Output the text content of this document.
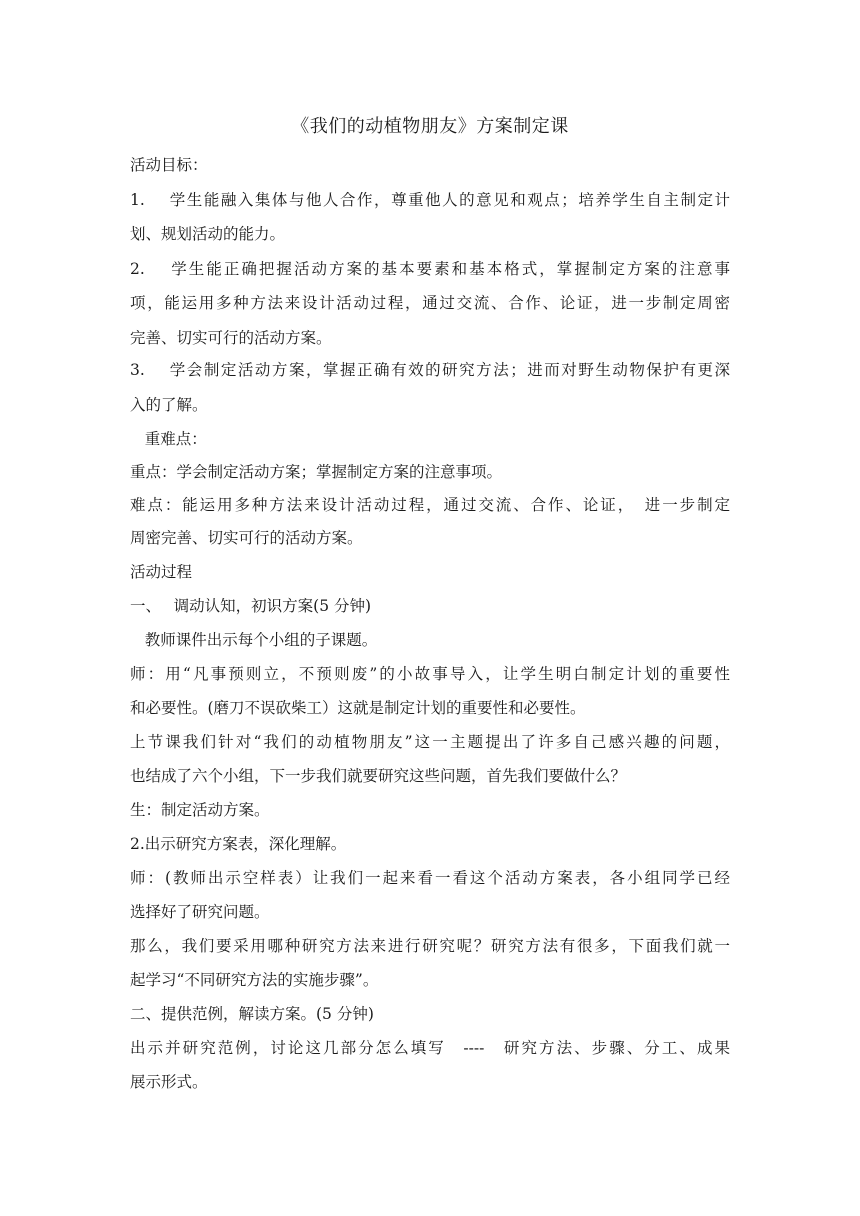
《我们的动植物朋友》方案制定课
活动目标：
1.　 学生能融入集体与他人合作，尊重他人的意见和观点；培养学生自主制定计
划、规划活动的能力。
2.　 学生能正确把握活动方案的基本要素和基本格式，掌握制定方案的注意事
项，能运用多种方法来设计活动过程，通过交流、合作、论证，进一步制定周密
完善、切实可行的活动方案。
3.　 学会制定活动方案，掌握正确有效的研究方法；进而对野生动物保护有更深
入的了解。
重难点：
重点：学会制定活动方案；掌握制定方案的注意事项。
难点：能运用多种方法来设计活动过程，通过交流、合作、论证，　进一步制定
周密完善、切实可行的活动方案。
活动过程
一、　 调动认知，初识方案(5 分钟)
教师课件出示每个小组的子课题。
师：用“凡事预则立，不预则废”的小故事导入，让学生明白制定计划的重要性
和必要性。(磨刀不误砍柴工）这就是制定计划的重要性和必要性。
上节课我们针对“我们的动植物朋友”这一主题提出了许多自己感兴趣的问题，
也结成了六个小组，下一步我们就要研究这些问题，首先我们要做什么？
生：制定活动方案。
2.出示研究方案表，深化理解。
师：(教师出示空样表）让我们一起来看一看这个活动方案表，各小组同学已经
选择好了研究问题。
那么，我们要采用哪种研究方法来进行研究呢？研究方法有很多，下面我们就一
起学习“不同研究方法的实施步骤”。
二、提供范例，解读方案。(5 分钟)
出示并研究范例，讨论这几部分怎么填写　----　研究方法、步骤、分工、成果
展示形式。
